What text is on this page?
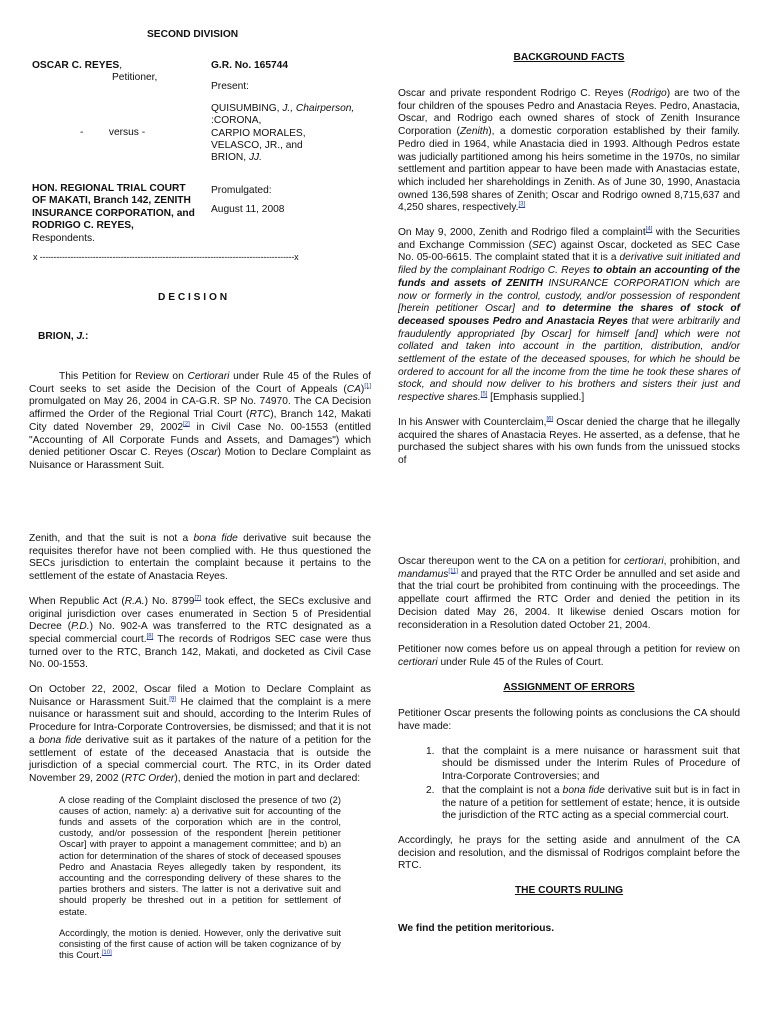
SECOND DIVISION
OSCAR C. REYES,
Petitioner,
-         versus -
HON. REGIONAL TRIAL COURT OF MAKATI, Branch 142, ZENITH INSURANCE CORPORATION, and RODRIGO C. REYES,
Respondents.
G.R. No. 165744
Present:
QUISUMBING, J., Chairperson,
:CORONA,
CARPIO MORALES,
VELASCO, JR., and
BRION, JJ.
Promulgated:
August 11, 2008
x -------------------------------------------------------------------------------------------x
D E C I S I O N
BRION, J.:

This Petition for Review on Certiorari under Rule 45 of the Rules of Court seeks to set aside the Decision of the Court of Appeals (CA)[1] promulgated on May 26, 2004 in CA-G.R. SP No. 74970. The CA Decision affirmed the Order of the Regional Trial Court (RTC), Branch 142, Makati City dated November 29, 2002[2] in Civil Case No. 00-1553 (entitled "Accounting of All Corporate Funds and Assets, and Damages") which denied petitioner Oscar C. Reyes (Oscar) Motion to Declare Complaint as Nuisance or Harassment Suit.

BACKGROUND FACTS

Oscar and private respondent Rodrigo C. Reyes (Rodrigo) are two of the four children of the spouses Pedro and Anastacia Reyes. Pedro, Anastacia, Oscar, and Rodrigo each owned shares of stock of Zenith Insurance Corporation (Zenith), a domestic corporation established by their family. Pedro died in 1964, while Anastacia died in 1993. Although Pedros estate was judicially partitioned among his heirs sometime in the 1970s, no similar settlement and partition appear to have been made with Anastacias estate, which included her shareholdings in Zenith. As of June 30, 1990, Anastacia owned 136,598 shares of Zenith; Oscar and Rodrigo owned 8,715,637 and 4,250 shares, respectively.[3]

On May 9, 2000, Zenith and Rodrigo filed a complaint[4] with the Securities and Exchange Commission (SEC) against Oscar, docketed as SEC Case No. 05-00-6615. The complaint stated that it is a derivative suit initiated and filed by the complainant Rodrigo C. Reyes to obtain an accounting of the funds and assets of ZENITH INSURANCE CORPORATION which are now or formerly in the control, custody, and/or possession of respondent [herein petitioner Oscar] and to determine the shares of stock of deceased spouses Pedro and Anastacia Reyes that were arbitrarily and fraudulently appropriated [by Oscar] for himself [and] which were not collated and taken into account in the partition, distribution, and/or settlement of the estate of the deceased spouses, for which he should be ordered to account for all the income from the time he took these shares of stock, and should now deliver to his brothers and sisters their just and respective shares.[5] [Emphasis supplied.]

In his Answer with Counterclaim,[6] Oscar denied the charge that he illegally acquired the shares of Anastacia Reyes. He asserted, as a defense, that he purchased the subject shares with his own funds from the unissued stocks of

Zenith, and that the suit is not a bona fide derivative suit because the requisites therefor have not been complied with. He thus questioned the SECs jurisdiction to entertain the complaint because it pertains to the settlement of the estate of Anastacia Reyes.

When Republic Act (R.A.) No. 8799[7] took effect, the SECs exclusive and original jurisdiction over cases enumerated in Section 5 of Presidential Decree (P.D.) No. 902-A was transferred to the RTC designated as a special commercial court.[8] The records of Rodrigos SEC case were thus turned over to the RTC, Branch 142, Makati, and docketed as Civil Case No. 00-1553.

On October 22, 2002, Oscar filed a Motion to Declare Complaint as Nuisance or Harassment Suit.[9] He claimed that the complaint is a mere nuisance or harassment suit and should, according to the Interim Rules of Procedure for Intra-Corporate Controversies, be dismissed; and that it is not a bona fide derivative suit as it partakes of the nature of a petition for the settlement of estate of the deceased Anastacia that is outside the jurisdiction of a special commercial court. The RTC, in its Order dated November 29, 2002 (RTC Order), denied the motion in part and declared:

A close reading of the Complaint disclosed the presence of two (2) causes of action, namely: a) a derivative suit for accounting of the funds and assets of the corporation which are in the control, custody, and/or possession of the respondent [herein petitioner Oscar] with prayer to appoint a management committee; and b) an action for determination of the shares of stock of deceased spouses Pedro and Anastacia Reyes allegedly taken by respondent, its accounting and the corresponding delivery of these shares to the parties brothers and sisters. The latter is not a derivative suit and should properly be threshed out in a petition for settlement of estate.

Accordingly, the motion is denied. However, only the derivative suit consisting of the first cause of action will be taken cognizance of by this Court.[10]

Oscar thereupon went to the CA on a petition for certiorari, prohibition, and mandamus[11] and prayed that the RTC Order be annulled and set aside and that the trial court be prohibited from continuing with the proceedings. The appellate court affirmed the RTC Order and denied the petition in its Decision dated May 26, 2004. It likewise denied Oscars motion for reconsideration in a Resolution dated October 21, 2004.

Petitioner now comes before us on appeal through a petition for review on certiorari under Rule 45 of the Rules of Court.

ASSIGNMENT OF ERRORS

Petitioner Oscar presents the following points as conclusions the CA should have made:

1. that the complaint is a mere nuisance or harassment suit that should be dismissed under the Interim Rules of Procedure of Intra-Corporate Controversies; and
2. that the complaint is not a bona fide derivative suit but is in fact in the nature of a petition for settlement of estate; hence, it is outside the jurisdiction of the RTC acting as a special commercial court.

Accordingly, he prays for the setting aside and annulment of the CA decision and resolution, and the dismissal of Rodrigos complaint before the RTC.

THE COURTS RULING

We find the petition meritorious.
